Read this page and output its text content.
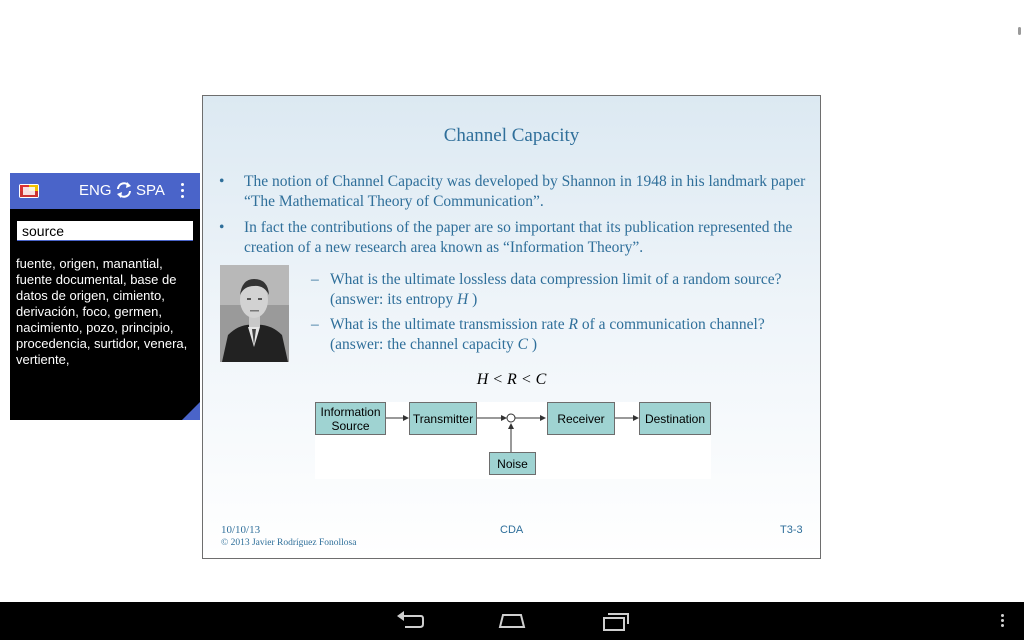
Channel Capacity
• The notion of Channel Capacity was developed by Shannon in 1948 in his landmark paper “The Mathematical Theory of Communication”.
• In fact the contributions of the paper are so important that its publication represented the creation of a new research area known as “Information Theory”.
– What is the ultimate lossless data compression limit of a random source? (answer: its entropy H )
– What is the ultimate transmission rate R of a communication channel? (answer: the channel capacity C )
H < R < C
Information
Source	Transmitter	Receiver	Destination
Noise
10/10/13
© 2013 Javier Rodríguez Fonollosa
CDA	T3-3
ENG SPA
source
fuente, origen, manantial, fuente documental, base de datos de origen, cimiento, derivación, foco, germen, nacimiento, pozo, principio, procedencia, surtidor, venera, vertiente,
